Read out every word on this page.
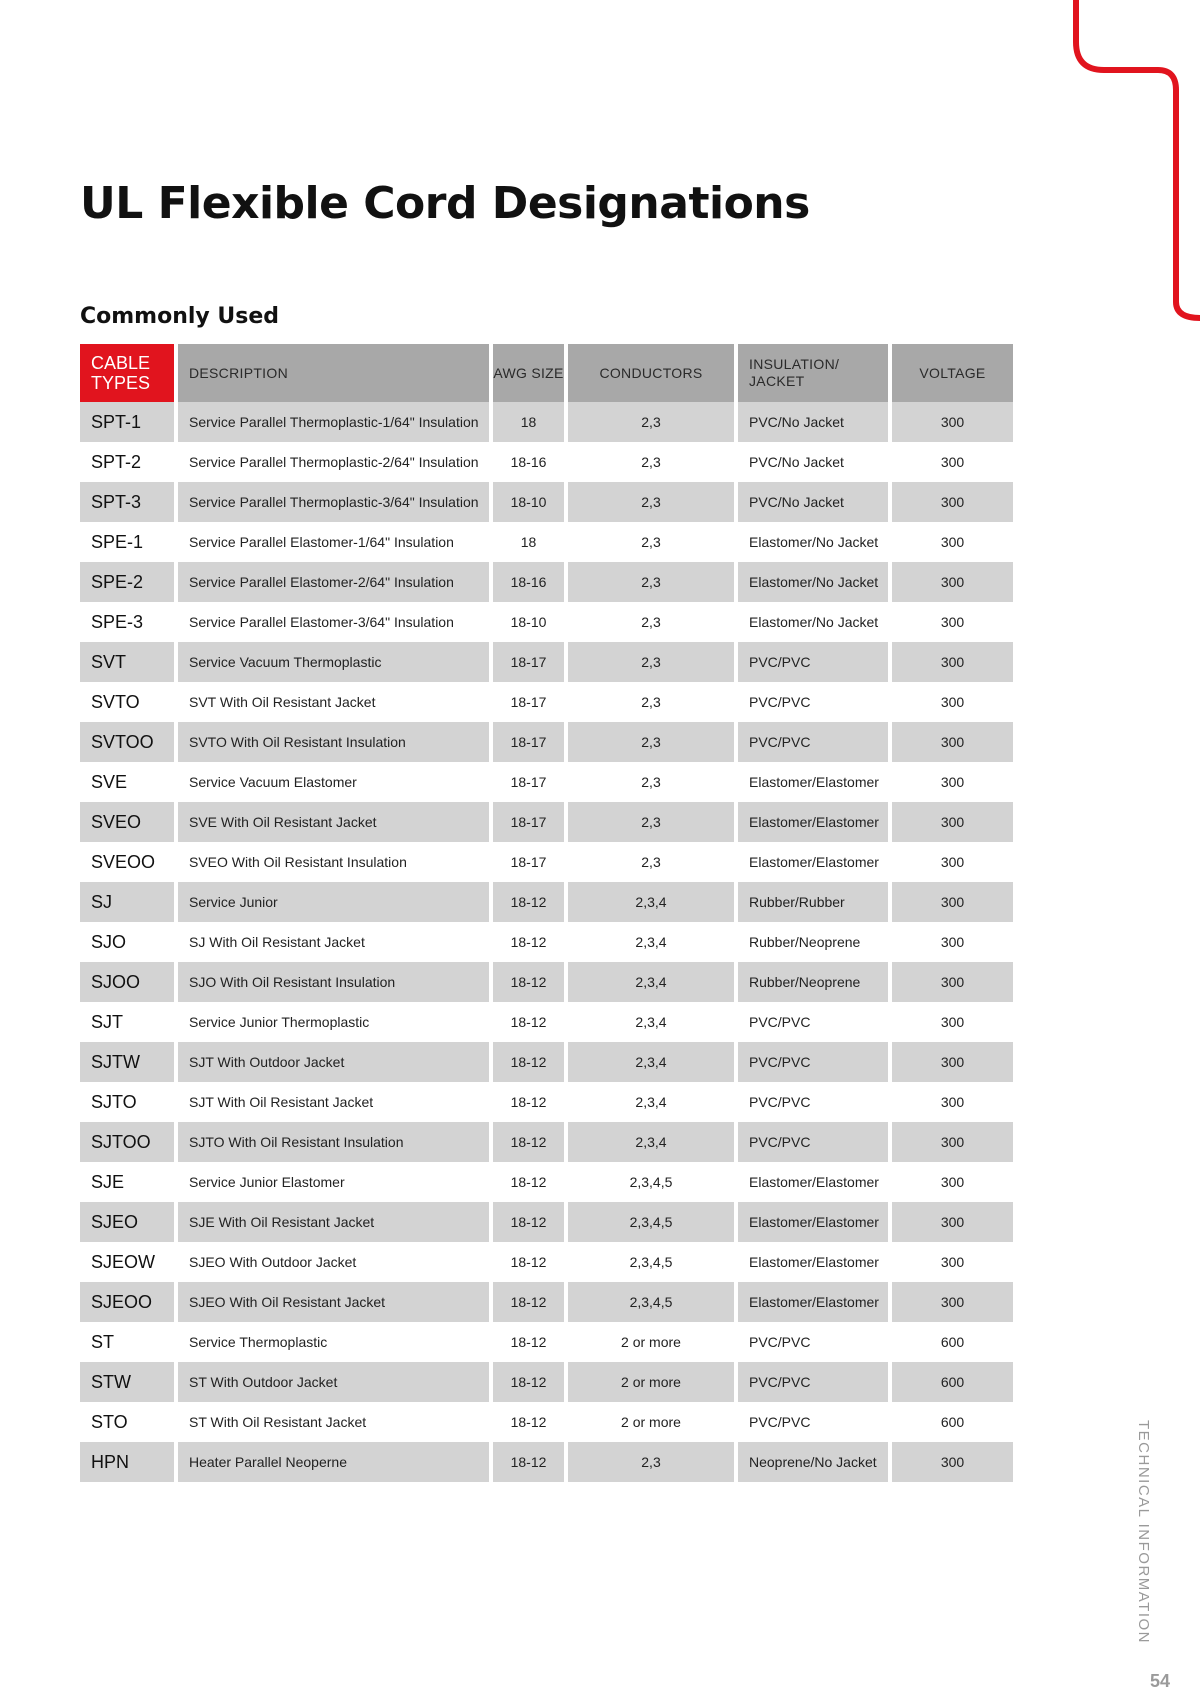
UL Flexible Cord Designations
Commonly Used
CABLE TYPES	DESCRIPTION	AWG SIZE	CONDUCTORS	INSULATION/ JACKET	VOLTAGE
SPT-1	Service Parallel Thermoplastic-1/64" Insulation	18	2,3	PVC/No Jacket	300
SPT-2	Service Parallel Thermoplastic-2/64" Insulation	18-16	2,3	PVC/No Jacket	300
SPT-3	Service Parallel Thermoplastic-3/64" Insulation	18-10	2,3	PVC/No Jacket	300
SPE-1	Service Parallel Elastomer-1/64" Insulation	18	2,3	Elastomer/No Jacket	300
SPE-2	Service Parallel Elastomer-2/64" Insulation	18-16	2,3	Elastomer/No Jacket	300
SPE-3	Service Parallel Elastomer-3/64" Insulation	18-10	2,3	Elastomer/No Jacket	300
SVT	Service Vacuum Thermoplastic	18-17	2,3	PVC/PVC	300
SVTO	SVT With Oil Resistant Jacket	18-17	2,3	PVC/PVC	300
SVTOO	SVTO With Oil Resistant Insulation	18-17	2,3	PVC/PVC	300
SVE	Service Vacuum Elastomer	18-17	2,3	Elastomer/Elastomer	300
SVEO	SVE With Oil Resistant Jacket	18-17	2,3	Elastomer/Elastomer	300
SVEOO	SVEO With Oil Resistant Insulation	18-17	2,3	Elastomer/Elastomer	300
SJ	Service Junior	18-12	2,3,4	Rubber/Rubber	300
SJO	SJ With Oil Resistant Jacket	18-12	2,3,4	Rubber/Neoprene	300
SJOO	SJO With Oil Resistant Insulation	18-12	2,3,4	Rubber/Neoprene	300
SJT	Service Junior Thermoplastic	18-12	2,3,4	PVC/PVC	300
SJTW	SJT With Outdoor Jacket	18-12	2,3,4	PVC/PVC	300
SJTO	SJT With Oil Resistant Jacket	18-12	2,3,4	PVC/PVC	300
SJTOO	SJTO With Oil Resistant Insulation	18-12	2,3,4	PVC/PVC	300
SJE	Service Junior Elastomer	18-12	2,3,4,5	Elastomer/Elastomer	300
SJEO	SJE With Oil Resistant Jacket	18-12	2,3,4,5	Elastomer/Elastomer	300
SJEOW	SJEO With Outdoor Jacket	18-12	2,3,4,5	Elastomer/Elastomer	300
SJEOO	SJEO With Oil Resistant Jacket	18-12	2,3,4,5	Elastomer/Elastomer	300
ST	Service Thermoplastic	18-12	2 or more	PVC/PVC	600
STW	ST With Outdoor Jacket	18-12	2 or more	PVC/PVC	600
STO	ST With Oil Resistant Jacket	18-12	2 or more	PVC/PVC	600
HPN	Heater Parallel Neoperne	18-12	2,3	Neoprene/No Jacket	300	TECHNICAL INFORMATION
54
